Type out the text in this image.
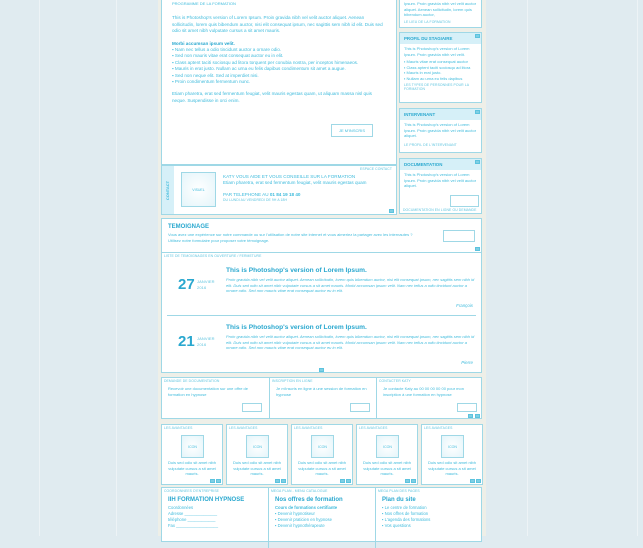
PROGRAMME DE LA FORMATION

This is Photoshop's version of Lorem Ipsum. Proin gravida nibh vel velit auctor aliquet. Aenean sollicitudin, lorem quis bibendum auctor, nisi elit consequat ipsum, nec sagittis sem nibh id elit. Duis sed odio sit amet nibh vulputate cursus a sit amet mauris.

Morbi accumsan ipsum velit.

▪ Nam nec tellus a odio tincidunt auctor a ornare odio.
▪ Sed non mauris vitae erat consequat auctor eu in elit.
▪ Class aptent taciti sociosqu ad litora torquent per conubia nostra, per inceptos himenaeos.
▪ Mauris in erat justo. Nullam ac urna eu felis dapibus condimentum sit amet a augue.
▪ Sed non neque elit. Sed at imperdiet nisi.
▪ Proin condimentum fermentum nunc.

Etiam pharetra, erat sed fermentum feugiat, velit mauris egestas quam, ut aliquam massa nisl quis neque. Suspendisse in orci enim.

JE M'INSCRIS
CONTACT
ESPACE CONTACT
VISUEL
KATY VOUS AIDE ET VOUS CONSEILLE SUR LA FORMATION
Etiam pharetra, erat sed fermentum feugiat, velit mauris egestas quam
PAR TELEPHONE AU 01 84 19 18 40
DU LUNDI AU VENDREDI DE 9H A 18H
Ipsum. Proin gravida nibh vel velit auctor aliquet. Aenean sollicitudin, lorem quis bibendum auctor,
LE LIEU DE LA FORMATION
PROFIL DU STAGIAIRE
This is Photoshop's version of Lorem Ipsum. Proin gravida nibh vel velit.
▪ Mauris vitae erat consequat auctor
▪ Class aptent taciti sociosqu ad litora
▪ Mauris in erat justo.
▪ Nullam ac urna eu felis dapibus
LES TYPES DE PERSONNES POUR LA FORMATION
INTERVENANT
This is Photoshop's version of Lorem Ipsum. Proin gravida nibh vel velit auctor aliquet.
LE PROFIL DE L'INTERVENANT
DOCUMENTATION
This is Photoshop's version of Lorem Ipsum. Proin gravida nibh vel velit auctor aliquet.
DOCUMENTATION EN LIGNE OU DEMANDE
TEMOIGNAGE
Vous avez une expérience sur notre commande ou sur l'utilisation de notre site internet et vous aimeriez la partager avec les internautes ? Utilisez notre formulaire pour proposer votre témoignage.
LISTE DE TEMOIGNAGES EN OUVERTURE / FERMETURE
27 JANVIER
2016
This is Photoshop's version of Lorem Ipsum.
Proin gravida nibh vel velit auctor aliquet. Aenean sollicitudin, lorem quis bibendum auctor, nisi elit consequat ipsum, nec sagittis sem nibh id elit. Duis sed odio sit amet nibh vulputate cursus a sit amet mauris. Morbi accumsan ipsum velit. Nam nec tellus a odio tincidunt auctor a ornare odio. Sed non mauris vitae erat consequat auctor eu in elit.
François
21 JANVIER
2016
This is Photoshop's version of Lorem Ipsum.
Proin gravida nibh vel velit auctor aliquet. Aenean sollicitudin, lorem quis bibendum auctor, nisi elit consequat ipsum, nec sagittis sem nibh id elit. Duis sed odio sit amet nibh vulputate cursus a sit amet mauris. Morbi accumsan ipsum velit. Nam nec tellus a odio tincidunt auctor a ornare odio. Sed non mauris vitae erat consequat auctor eu in elit.
Pierre
DEMANDE DE DOCUMENTATION
Recevoir une documentation sur une offre de formation en hypnose
INSCRIPTION EN LIGNE
Je m'inscris en ligne à une session de formation en hypnose
CONTACTER KATY
Je contacte Katy au 00 00 00 00 00 pour mon inscription à une formation en hypnose
LES AVANTAGES
ICON
Duis sed odio sit amet nibh vulputate cursus a sit amet mauris.
LES AVANTAGES
ICON
Duis sed odio sit amet nibh vulputate cursus a sit amet mauris.
LES AVANTAGES
ICON
Duis sed odio sit amet nibh vulputate cursus a sit amet mauris.
LES AVANTAGES
ICON
Duis sed odio sit amet nibh vulputate cursus a sit amet mauris.
LES AVANTAGES
ICON
Duis sed odio sit amet nibh vulputate cursus a sit amet mauris.
COORDONNEES D'ENTREPRISE
IIH FORMATION HYPNOSE
Coordonnées
Adresse ______________
téléphone ____________
Fax __________________
MEGA PLAN - MENU CATALOGUE
Nos offres de formation
Cours de formations certifiante
▪ Devenir hypnotiseur
▪ Devenir praticien en hypnose
▪ Devenir hypnothérapeute
MEGA PLAN DES PAGES
Plan du site
▪ Le centre de formation
▪ Nos offres de formation
▪ L'agenda des formations
▪ Vos questions
